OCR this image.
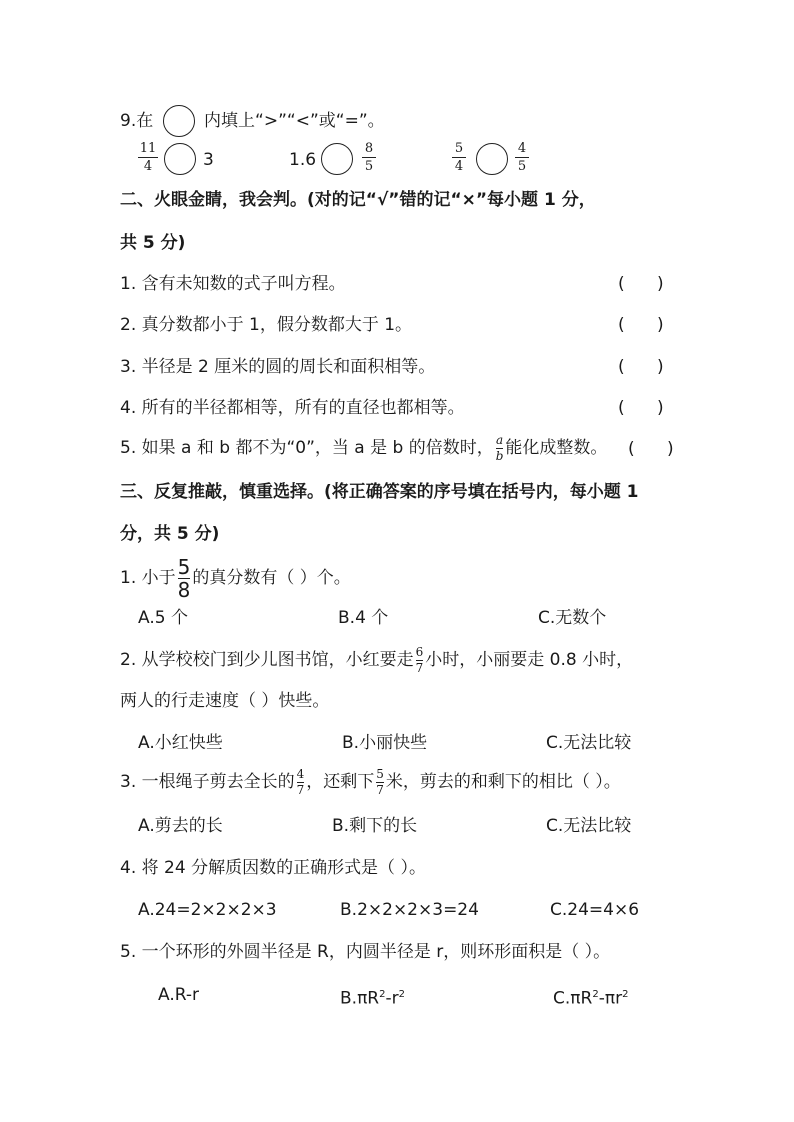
9.在	内填上“>”“<”或“=”。
11
4	3	1.6
8
5
5
4
4
5
二、火眼金睛，我会判。(对的记“√”错的记“×”每小题 1 分，
共 5 分)
1. 含有未知数的式子叫方程。	(      )
2. 真分数都小于 1，假分数都大于 1。	(      )
3. 半径是 2 厘米的圆的周长和面积相等。	(      )
4. 所有的半径都相等，所有的直径也都相等。	(      )
5. 如果 a 和 b 都不为“0”，当 a 是 b 的倍数时， $\frac{a}{b}$ 能化成整数。 (      )
三、反复推敲，慎重选择。(将正确答案的序号填在括号内，每小题 1
分，共 5 分)
1. 小于 $\frac{5}{8}$ 的真分数有（ ）个。
A.5 个	B.4 个	C.无数个
2. 从学校校门到少儿图书馆，小红要走 $\frac{6}{7}$ 小时，小丽要走 0.8 小时，
两人的行走速度（ ）快些。
A.小红快些	B.小丽快些	C.无法比较
3. 一根绳子剪去全长的 $\frac{4}{7}$ ，还剩下 $\frac{5}{7}$ 米，剪去的和剩下的相比（ ）。
A.剪去的长	B.剩下的长	C.无法比较
4. 将 24 分解质因数的正确形式是（ ）。
A.24=2×2×2×3	B.2×2×2×3=24	C.24=4×6
5. 一个环形的外圆半径是 R，内圆半径是 r，则环形面积是（ ）。
A.R-r	$B.\pi R^2-r^2$	$C.\pi R^2-\pi r^2$
